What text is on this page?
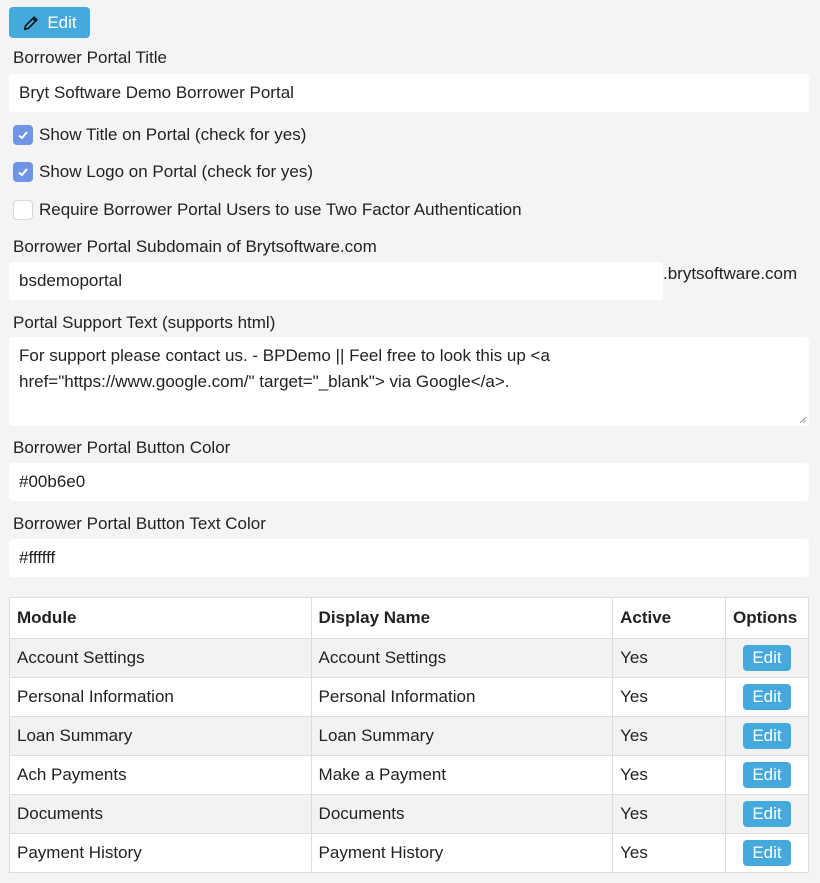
Edit
Borrower Portal Title
Bryt Software Demo Borrower Portal
Show Title on Portal (check for yes)
Show Logo on Portal (check for yes)
Require Borrower Portal Users to use Two Factor Authentication
Borrower Portal Subdomain of Brytsoftware.com
bsdemoportal	.brytsoftware.com
Portal Support Text (supports html)
For support please contact us. - BPDemo || Feel free to look this up <a
href="https://www.google.com/" target="_blank"> via Google</a>.
Borrower Portal Button Color
#00b6e0
Borrower Portal Button Text Color
#ffffff
Module	Display Name	Active	Options
Account Settings	Account Settings	Yes	Edit
Personal Information	Personal Information	Yes	Edit
Loan Summary	Loan Summary	Yes	Edit
Ach Payments	Make a Payment	Yes	Edit
Documents	Documents	Yes	Edit
Payment History	Payment History	Yes	Edit
